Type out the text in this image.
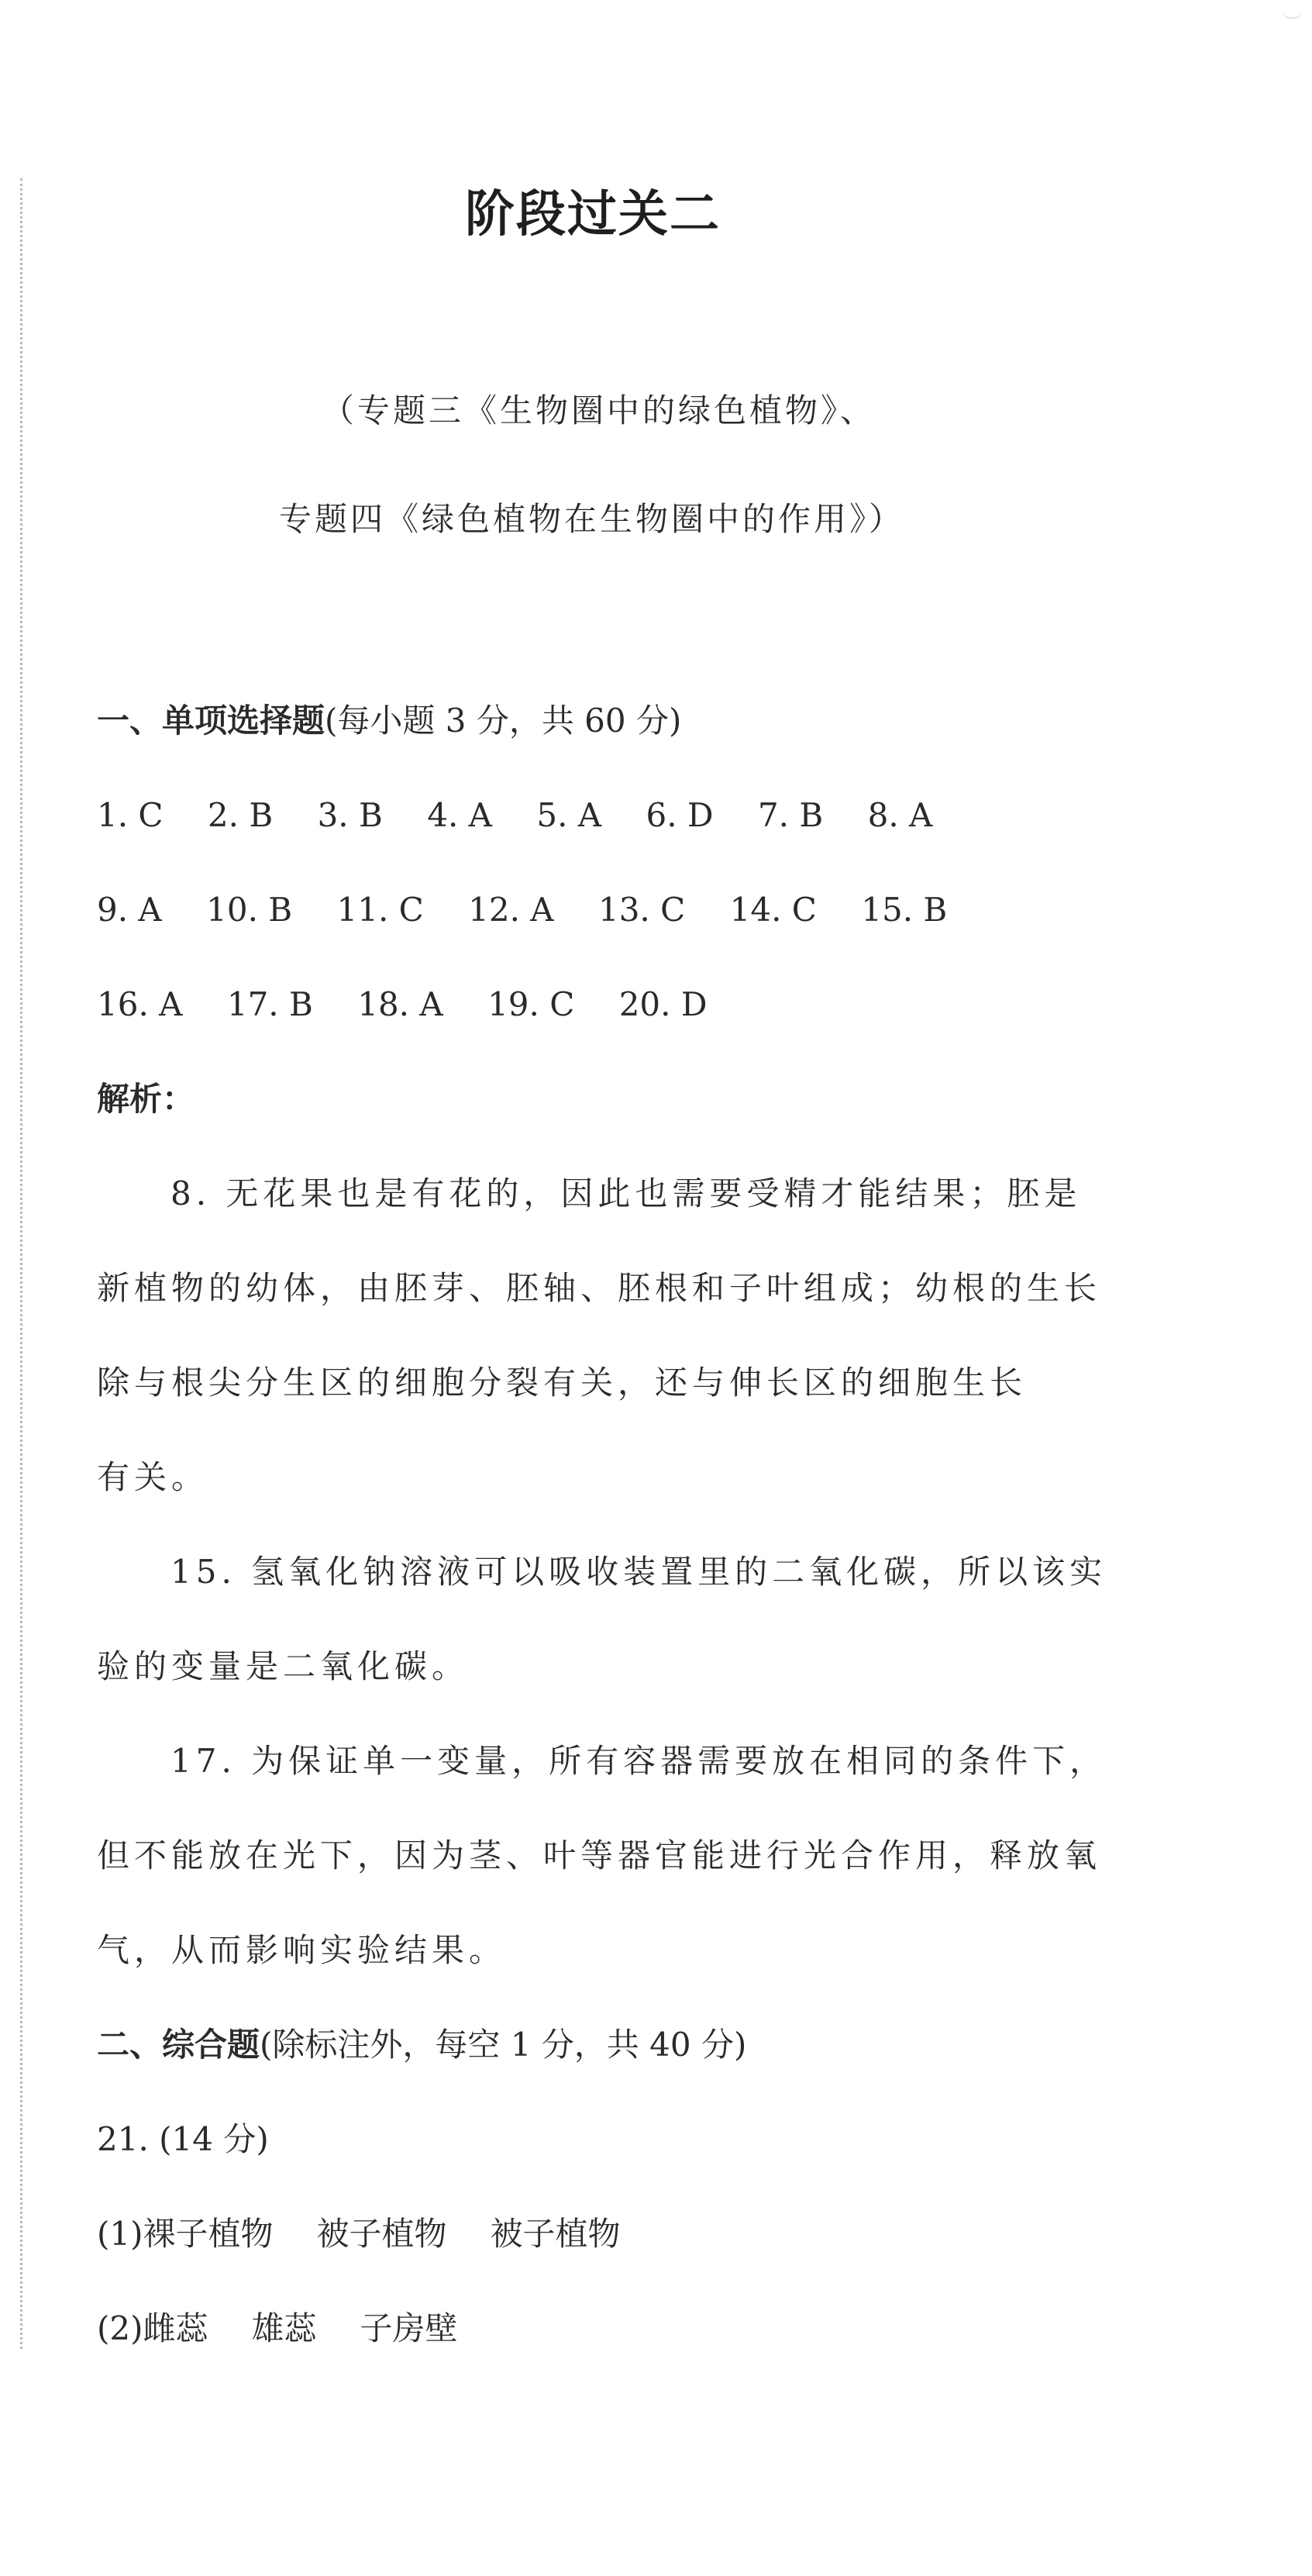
阶段过关二
（专题三《生物圈中的绿色植物》、
专题四《绿色植物在生物圈中的作用》）
一、单项选择题(每小题 3 分，共 60 分)
1. C 2. B 3. B 4. A 5. A 6. D 7. B 8. A
9. A 10. B 11. C 12. A 13. C 14. C 15. B
16. A 17. B 18. A 19. C 20. D
解析：
8. 无花果也是有花的，因此也需要受精才能结果；胚是
新植物的幼体，由胚芽、胚轴、胚根和子叶组成；幼根的生长
除与根尖分生区的细胞分裂有关，还与伸长区的细胞生长
有关。
15. 氢氧化钠溶液可以吸收装置里的二氧化碳，所以该实
验的变量是二氧化碳。
17. 为保证单一变量，所有容器需要放在相同的条件下，
但不能放在光下，因为茎、叶等器官能进行光合作用，释放氧
气，从而影响实验结果。
二、综合题(除标注外，每空 1 分，共 40 分)
21. (14 分)
(1)裸子植物 被子植物 被子植物
(2)雌蕊 雄蕊 子房壁
